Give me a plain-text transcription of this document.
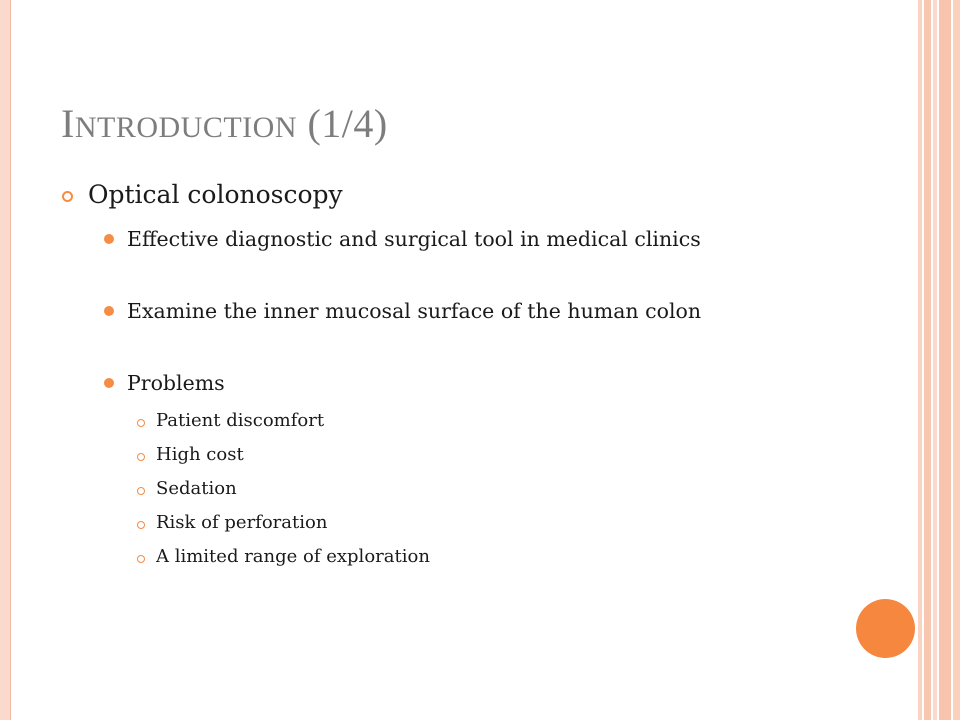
INTRODUCTION (1/4)
Optical colonoscopy
Effective diagnostic and surgical tool in medical clinics
Examine the inner mucosal surface of the human colon
Problems
Patient discomfort
High cost
Sedation
Risk of perforation
A limited range of exploration
